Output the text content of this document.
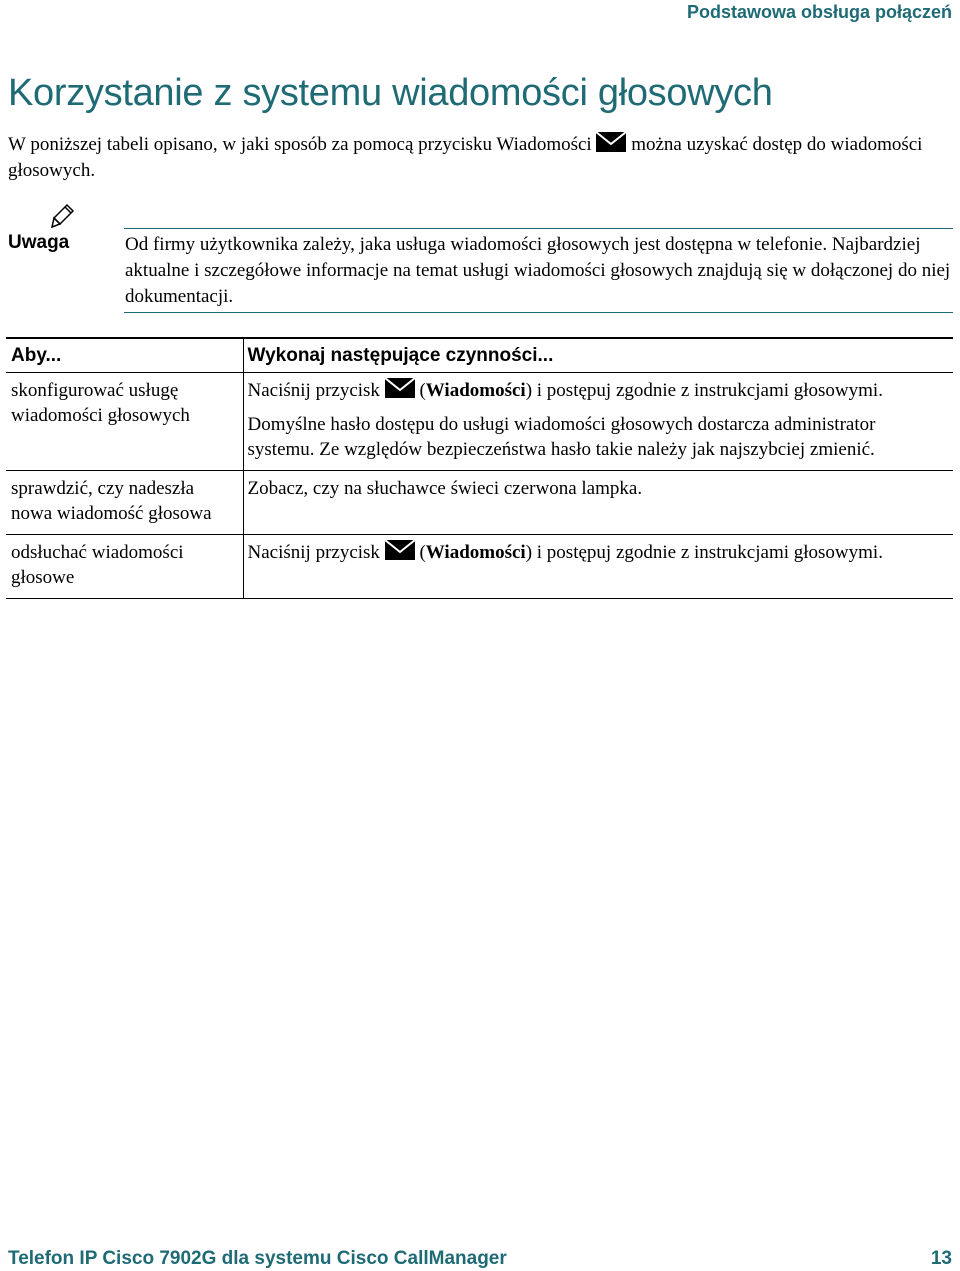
Podstawowa obsługa połączeń
Korzystanie z systemu wiadomości głosowych
W poniższej tabeli opisano, w jaki sposób za pomocą przycisku Wiadomości można uzyskać dostęp do wiadomości głosowych.
Uwaga	Od firmy użytkownika zależy, jaka usługa wiadomości głosowych jest dostępna w telefonie. Najbardziej aktualne i szczegółowe informacje na temat usługi wiadomości głosowych znajdują się w dołączonej do niej dokumentacji.
Aby...	Wykonaj następujące czynności...

skonfigurować usługę wiadomości głosowych	Naciśnij przycisk  (Wiadomości) i postępuj zgodnie z instrukcjami głosowymi.

Domyślne hasło dostępu do usługi wiadomości głosowych dostarcza administrator systemu. Ze względów bezpieczeństwa hasło takie należy jak najszybciej zmienić.

sprawdzić, czy nadeszła nowa wiadomość głosowa	Zobacz, czy na słuchawce świeci czerwona lampka.

odsłuchać wiadomości głosowe	Naciśnij przycisk  (Wiadomości) i postępuj zgodnie z instrukcjami głosowymi.

Telefon IP Cisco 7902G dla systemu Cisco CallManager	13
